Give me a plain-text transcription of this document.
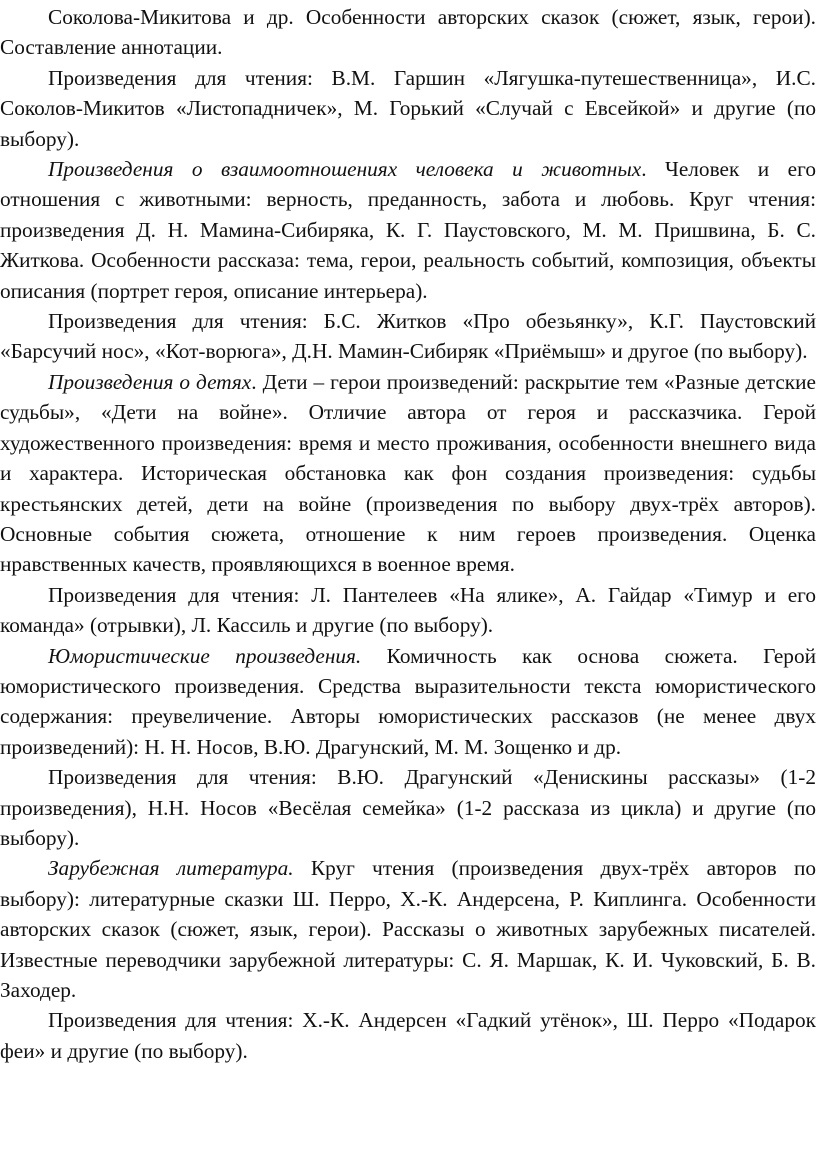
Соколова-Микитова и др. Особенности авторских сказок (сюжет, язык, герои). Составление аннотации.

Произведения для чтения: В.М. Гаршин «Лягушка-путешественница», И.С. Соколов-Микитов «Листопадничек», М. Горький «Случай с Евсейкой» и другие (по выбору).

Произведения о взаимоотношениях человека и животных. Человек и его отношения с животными: верность, преданность, забота и любовь. Круг чтения: произведения Д. Н. Мамина-Сибиряка, К. Г. Паустовского, М. М. Пришвина, Б. С. Житкова. Особенности рассказа: тема, герои, реальность событий, композиция, объекты описания (портрет героя, описание интерьера).

Произведения для чтения: Б.С. Житков «Про обезьянку», К.Г. Паустовский «Барсучий нос», «Кот-ворюга», Д.Н. Мамин-Сибиряк «Приёмыш» и другое (по выбору).

Произведения о детях. Дети – герои произведений: раскрытие тем «Разные детские судьбы», «Дети на войне». Отличие автора от героя и рассказчика. Герой художественного произведения: время и место проживания, особенности внешнего вида и характера. Историческая обстановка как фон создания произведения: судьбы крестьянских детей, дети на войне (произведения по выбору двух-трёх авторов). Основные события сюжета, отношение к ним героев произведения. Оценка нравственных качеств, проявляющихся в военное время.

Произведения для чтения: Л. Пантелеев «На ялике», А. Гайдар «Тимур и его команда» (отрывки), Л. Кассиль и другие (по выбору).

Юмористические произведения. Комичность как основа сюжета. Герой юмористического произведения. Средства выразительности текста юмористического содержания: преувеличение. Авторы юмористических рассказов (не менее двух произведений): Н. Н. Носов, В.Ю. Драгунский, М. М. Зощенко и др.

Произведения для чтения: В.Ю. Драгунский «Денискины рассказы» (1-2 произведения), Н.Н. Носов «Весёлая семейка» (1-2 рассказа из цикла) и другие (по выбору).

Зарубежная литература. Круг чтения (произведения двух-трёх авторов по выбору): литературные сказки Ш. Перро, Х.-К. Андерсена, Р. Киплинга. Особенности авторских сказок (сюжет, язык, герои). Рассказы о животных зарубежных писателей. Известные переводчики зарубежной литературы: С. Я. Маршак, К. И. Чуковский, Б. В. Заходер.

Произведения для чтения: Х.-К. Андерсен «Гадкий утёнок», Ш. Перро «Подарок феи» и другие (по выбору).
